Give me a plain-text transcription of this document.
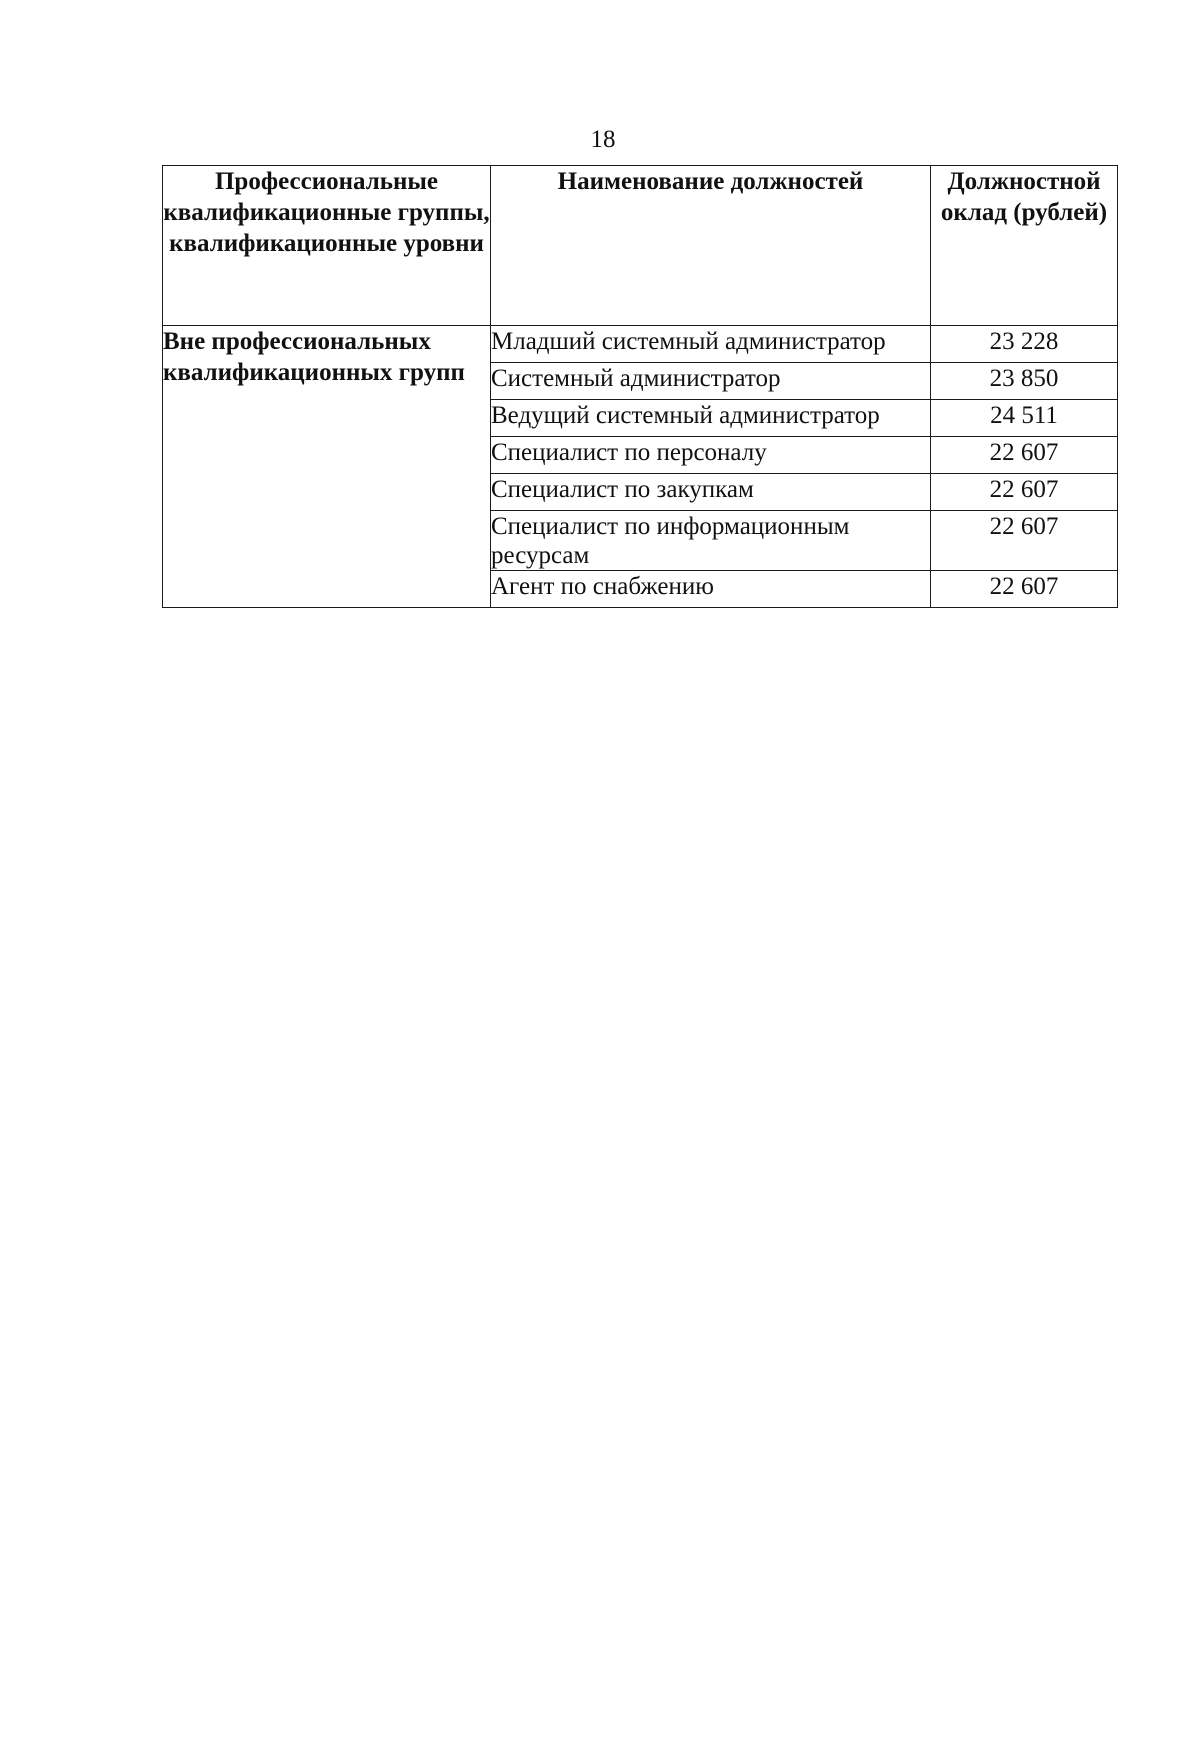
18
Профессиональные квалификационные группы, квалификационные уровни	Наименование должностей	Должностной оклад (рублей)
Вне профессиональных квалификационных групп	Младший системный администратор	23 228
	Системный администратор	23 850
	Ведущий системный администратор	24 511
	Специалист по персоналу	22 607
	Специалист по закупкам	22 607
	Специалист по информационным ресурсам	22 607
	Агент по снабжению	22 607
